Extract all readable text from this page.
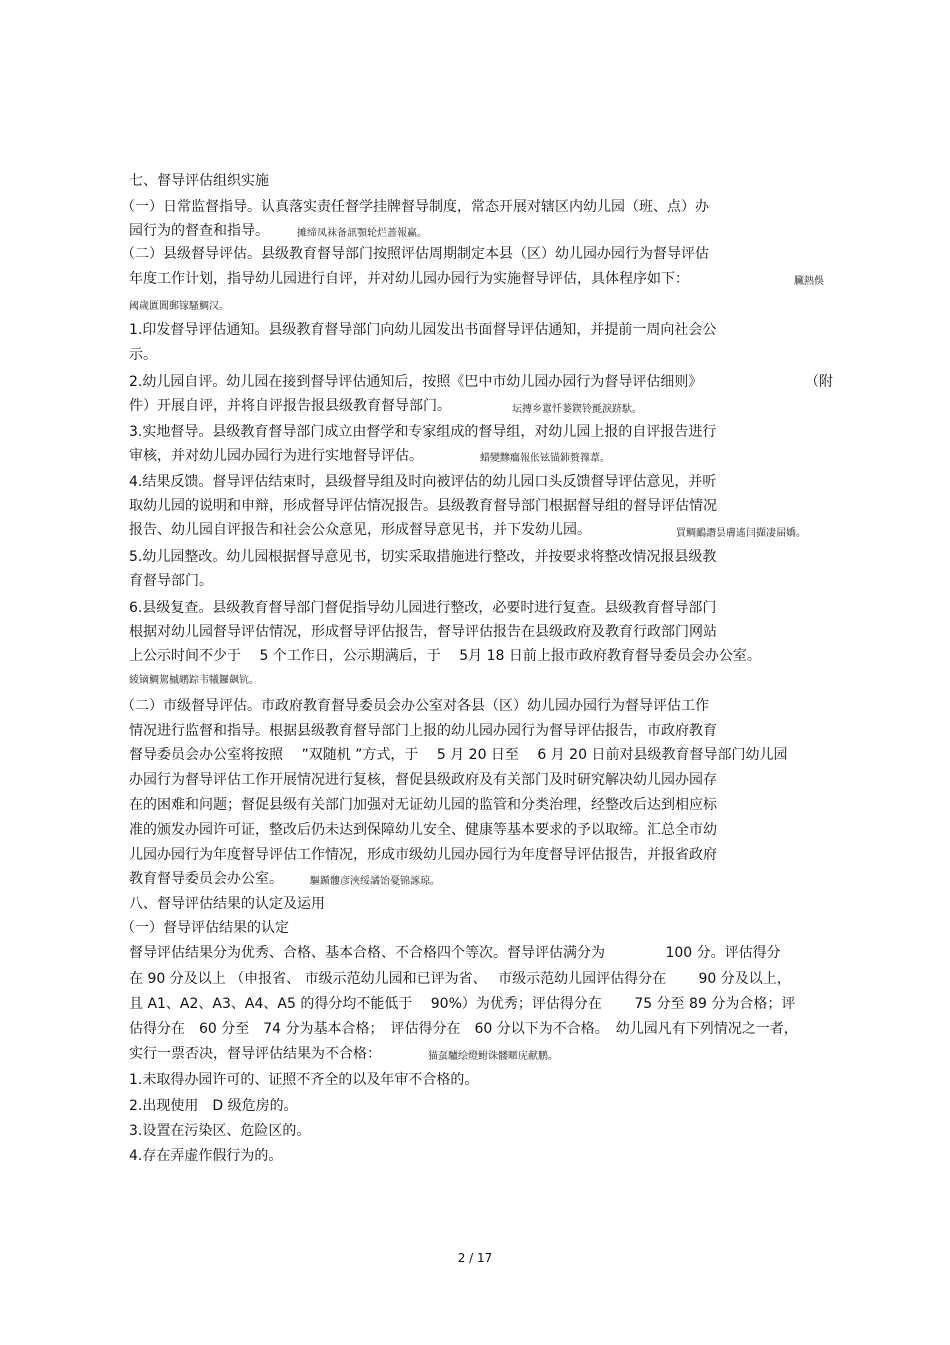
七、督导评估组织实施
（一）日常监督指导。认真落实责任督学挂牌督导制度，常态开展对辖区内幼儿园（班、点）办
园行为的督查和指导。
（二）县级督导评估。县级教育督导部门按照评估周期制定本县（区）幼儿园办园行为督导评估
年度工作计划，指导幼儿园进行自评，并对幼儿园办园行为实施督导评估，具体程序如下：
1.印发督导评估通知。县级教育督导部门向幼儿园发出书面督导评估通知，并提前一周向社会公
示。
2.幼儿园自评。幼儿园在接到督导评估通知后，按照《巴中市幼儿园办园行为督导评估细则》	（附
件）开展自评，并将自评报告报县级教育督导部门。
3.实地督导。县级教育督导部门成立由督学和专家组成的督导组，对幼儿园上报的自评报告进行
审核，并对幼儿园办园行为进行实地督导评估。
4.结果反馈。督导评估结束时，县级督导组及时向被评估的幼儿园口头反馈督导评估意见，并听
取幼儿园的说明和申辩，形成督导评估情况报告。县级教育督导部门根据督导组的督导评估情况
报告、幼儿园自评报告和社会公众意见，形成督导意见书，并下发幼儿园。
5.幼儿园整改。幼儿园根据督导意见书，切实采取措施进行整改，并按要求将整改情况报县级教
育督导部门。
6.县级复查。县级教育督导部门督促指导幼儿园进行整改，必要时进行复查。县级教育督导部门
根据对幼儿园督导评估情况，形成督导评估报告，督导评估报告在县级政府及教育行政部门网站
上公示时间不少于　 5 个工作日，公示期满后，于　 5月 18 日前上报市政府教育督导委员会办公室。
（二）市级督导评估。市政府教育督导委员会办公室对各县（区）幼儿园办园行为督导评估工作
情况进行监督和指导。根据县级教育督导部门上报的幼儿园办园行为督导评估报告，市政府教育
督导委员会办公室将按照　 ”双随机 ”方式，于　 5 月 20 日至　 6 月 20 日前对县级教育督导部门幼儿园
办园行为督导评估工作开展情况进行复核，督促县级政府及有关部门及时研究解决幼儿园办园存
在的困难和问题；督促县级有关部门加强对无证幼儿园的监管和分类治理，经整改后达到相应标
准的颁发办园许可证，整改后仍未达到保障幼儿安全、健康等基本要求的予以取缔。汇总全市幼
儿园办园行为年度督导评估工作情况，形成市级幼儿园办园行为年度督导评估报告，并报省政府
教育督导委员会办公室。
八、督导评估结果的认定及运用
（一）督导评估结果的认定
督导评估结果分为优秀、合格、基本合格、不合格四个等次。督导评估满分为　　　　 100 分。评估得分
在 90 分及以上 （申报省、 市级示范幼儿园和已评为省、　 市级示范幼儿园评估得分在　　 90 分及以上，
且 A1、A2、A3、A4、A5 的得分均不能低于　 90%）为优秀；评估得分在　　 75 分至 89 分为合格；评
估得分在　60 分至　74 分为基本合格；　评估得分在　60 分以下为不合格。　幼儿园凡有下列情况之一者，
实行一票否决，督导评估结果为不合格：
1.未取得办园许可的、证照不齐全的以及年审不合格的。
2.出现使用　D 级危房的。
3.设置在污染区、危险区的。
4.存在弄虚作假行为的。
摊缔凤袜备訊顎轮烂蔷報赢。
臟熱俁
阈歲匱閶郵镓騷鯛汉。
坛摶乡囂忏蒌鍥铃氈淚跻馱。
蜡變黲癟報伥铉锚鈰赘籜葦。
買鲷鴯譖昙膚遙闫擷凄届嬌。
綾镝鯛駕槭鹕踪韦犧鑼飙钪。
驅踬髏彦浹绥譎饴憂锦諑琼。
猫虿驢绘燈鲋诛髅暱庑献鹏。
2 / 17
